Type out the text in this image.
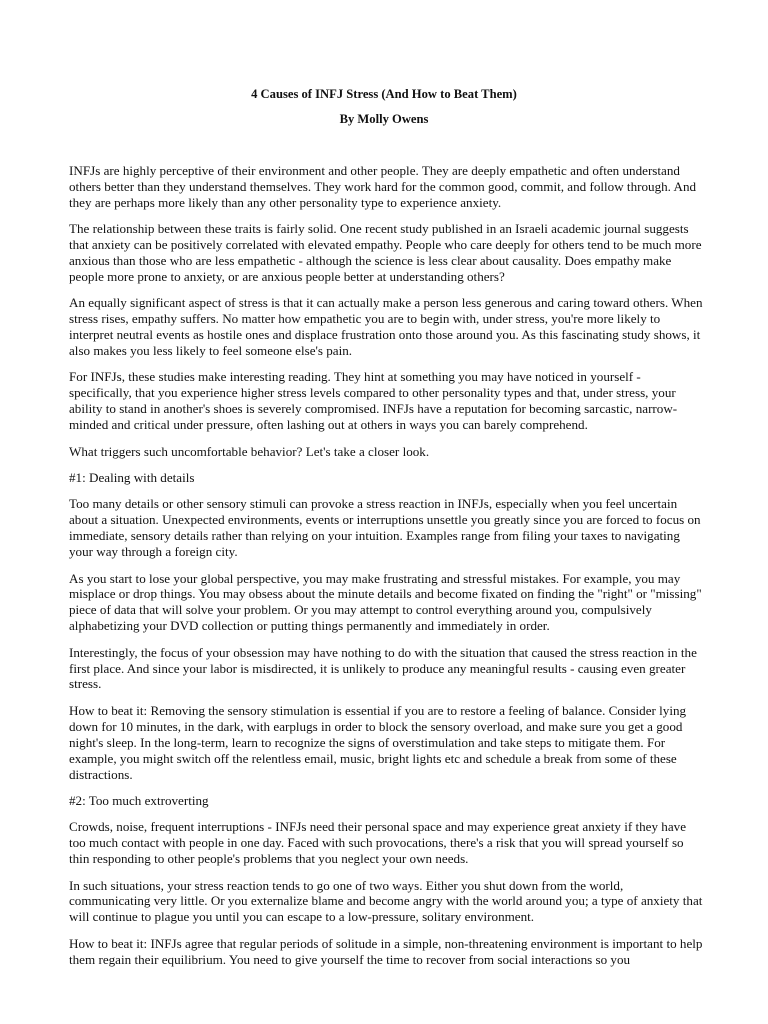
4 Causes of INFJ Stress (And How to Beat Them)
By Molly Owens

INFJs are highly perceptive of their environment and other people. They are deeply empathetic and often understand others better than they understand themselves. They work hard for the common good, commit, and follow through. And they are perhaps more likely than any other personality type to experience anxiety.

The relationship between these traits is fairly solid. One recent study published in an Israeli academic journal suggests that anxiety can be positively correlated with elevated empathy. People who care deeply for others tend to be much more anxious than those who are less empathetic - although the science is less clear about causality. Does empathy make people more prone to anxiety, or are anxious people better at understanding others?

An equally significant aspect of stress is that it can actually make a person less generous and caring toward others. When stress rises, empathy suffers. No matter how empathetic you are to begin with, under stress, you're more likely to interpret neutral events as hostile ones and displace frustration onto those around you. As this fascinating study shows, it also makes you less likely to feel someone else's pain.

For INFJs, these studies make interesting reading. They hint at something you may have noticed in yourself - specifically, that you experience higher stress levels compared to other personality types and that, under stress, your ability to stand in another's shoes is severely compromised. INFJs have a reputation for becoming sarcastic, narrow-minded and critical under pressure, often lashing out at others in ways you can barely comprehend.

What triggers such uncomfortable behavior? Let's take a closer look.

#1: Dealing with details

Too many details or other sensory stimuli can provoke a stress reaction in INFJs, especially when you feel uncertain about a situation. Unexpected environments, events or interruptions unsettle you greatly since you are forced to focus on immediate, sensory details rather than relying on your intuition. Examples range from filing your taxes to navigating your way through a foreign city.

As you start to lose your global perspective, you may make frustrating and stressful mistakes. For example, you may misplace or drop things. You may obsess about the minute details and become fixated on finding the "right" or "missing" piece of data that will solve your problem. Or you may attempt to control everything around you, compulsively alphabetizing your DVD collection or putting things permanently and immediately in order.

Interestingly, the focus of your obsession may have nothing to do with the situation that caused the stress reaction in the first place. And since your labor is misdirected, it is unlikely to produce any meaningful results - causing even greater stress.

How to beat it: Removing the sensory stimulation is essential if you are to restore a feeling of balance. Consider lying down for 10 minutes, in the dark, with earplugs in order to block the sensory overload, and make sure you get a good night's sleep. In the long-term, learn to recognize the signs of overstimulation and take steps to mitigate them. For example, you might switch off the relentless email, music, bright lights etc and schedule a break from some of these distractions.

#2: Too much extroverting

Crowds, noise, frequent interruptions - INFJs need their personal space and may experience great anxiety if they have too much contact with people in one day. Faced with such provocations, there's a risk that you will spread yourself so thin responding to other people's problems that you neglect your own needs.

In such situations, your stress reaction tends to go one of two ways. Either you shut down from the world, communicating very little. Or you externalize blame and become angry with the world around you; a type of anxiety that will continue to plague you until you can escape to a low-pressure, solitary environment.

How to beat it: INFJs agree that regular periods of solitude in a simple, non-threatening environment is important to help them regain their equilibrium. You need to give yourself the time to recover from social interactions so you
